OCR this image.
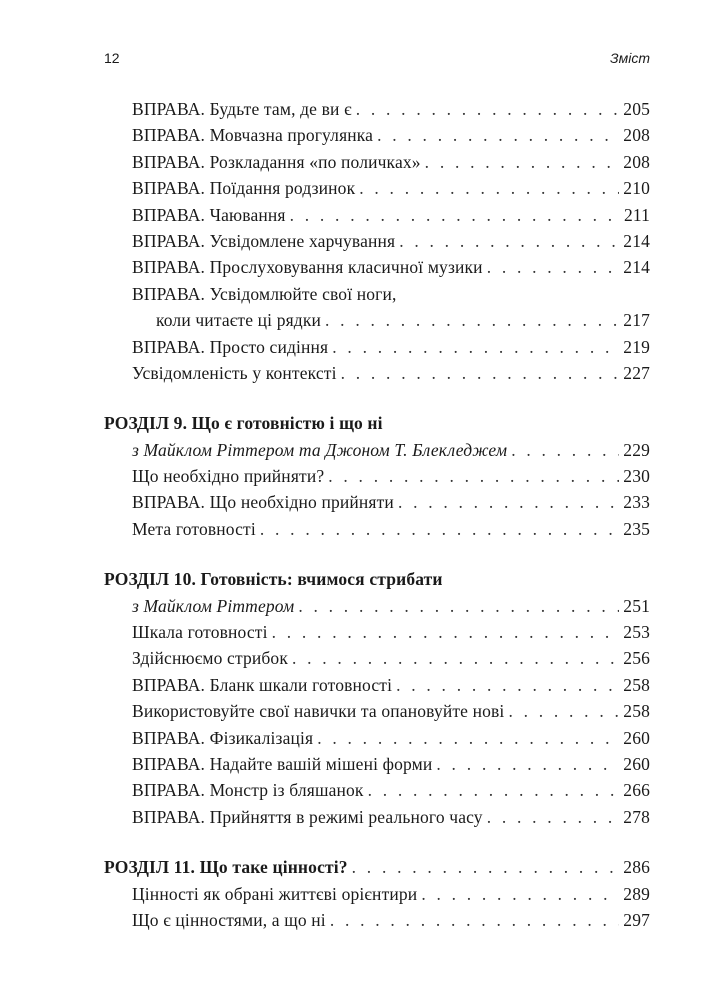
12	Зміст
ВПРАВА. Будьте там, де ви є . . .	205
ВПРАВА. Мовчазна прогулянка . . .	208
ВПРАВА. Розкладання «по поличках» . . .	208
ВПРАВА. Поїдання родзинок . . .	210
ВПРАВА. Чаювання . . .	211
ВПРАВА. Усвідомлене харчування . . .	214
ВПРАВА. Прослуховування класичної музики . . .	214
ВПРАВА. Усвідомлюйте свої ноги,
коли читаєте ці рядки . . .	217
ВПРАВА. Просто сидіння . . .	219
Усвідомленість у контексті . . .	227
РОЗДІЛ 9. Що є готовністю і що ні
з Майклом Ріттером та Джоном Т. Блекледжем . . .	229
Що необхідно прийняти? . . .	230
ВПРАВА. Що необхідно прийняти . . .	233
Мета готовності . . .	235
РОЗДІЛ 10. Готовність: вчимося стрибати
з Майклом Ріттером . . .	251
Шкала готовності . . .	253
Здійснюємо стрибок . . .	256
ВПРАВА. Бланк шкали готовності . . .	258
Використовуйте свої навички та опановуйте нові . . .	258
ВПРАВА. Фізикалізація . . .	260
ВПРАВА. Надайте вашій мішені форми . . .	260
ВПРАВА. Монстр із бляшанок . . .	266
ВПРАВА. Прийняття в режимі реального часу . . .	278
РОЗДІЛ 11. Що таке цінності? . . .	286
Цінності як обрані життєві орієнтири . . .	289
Що є цінностями, а що ні . . .	297
